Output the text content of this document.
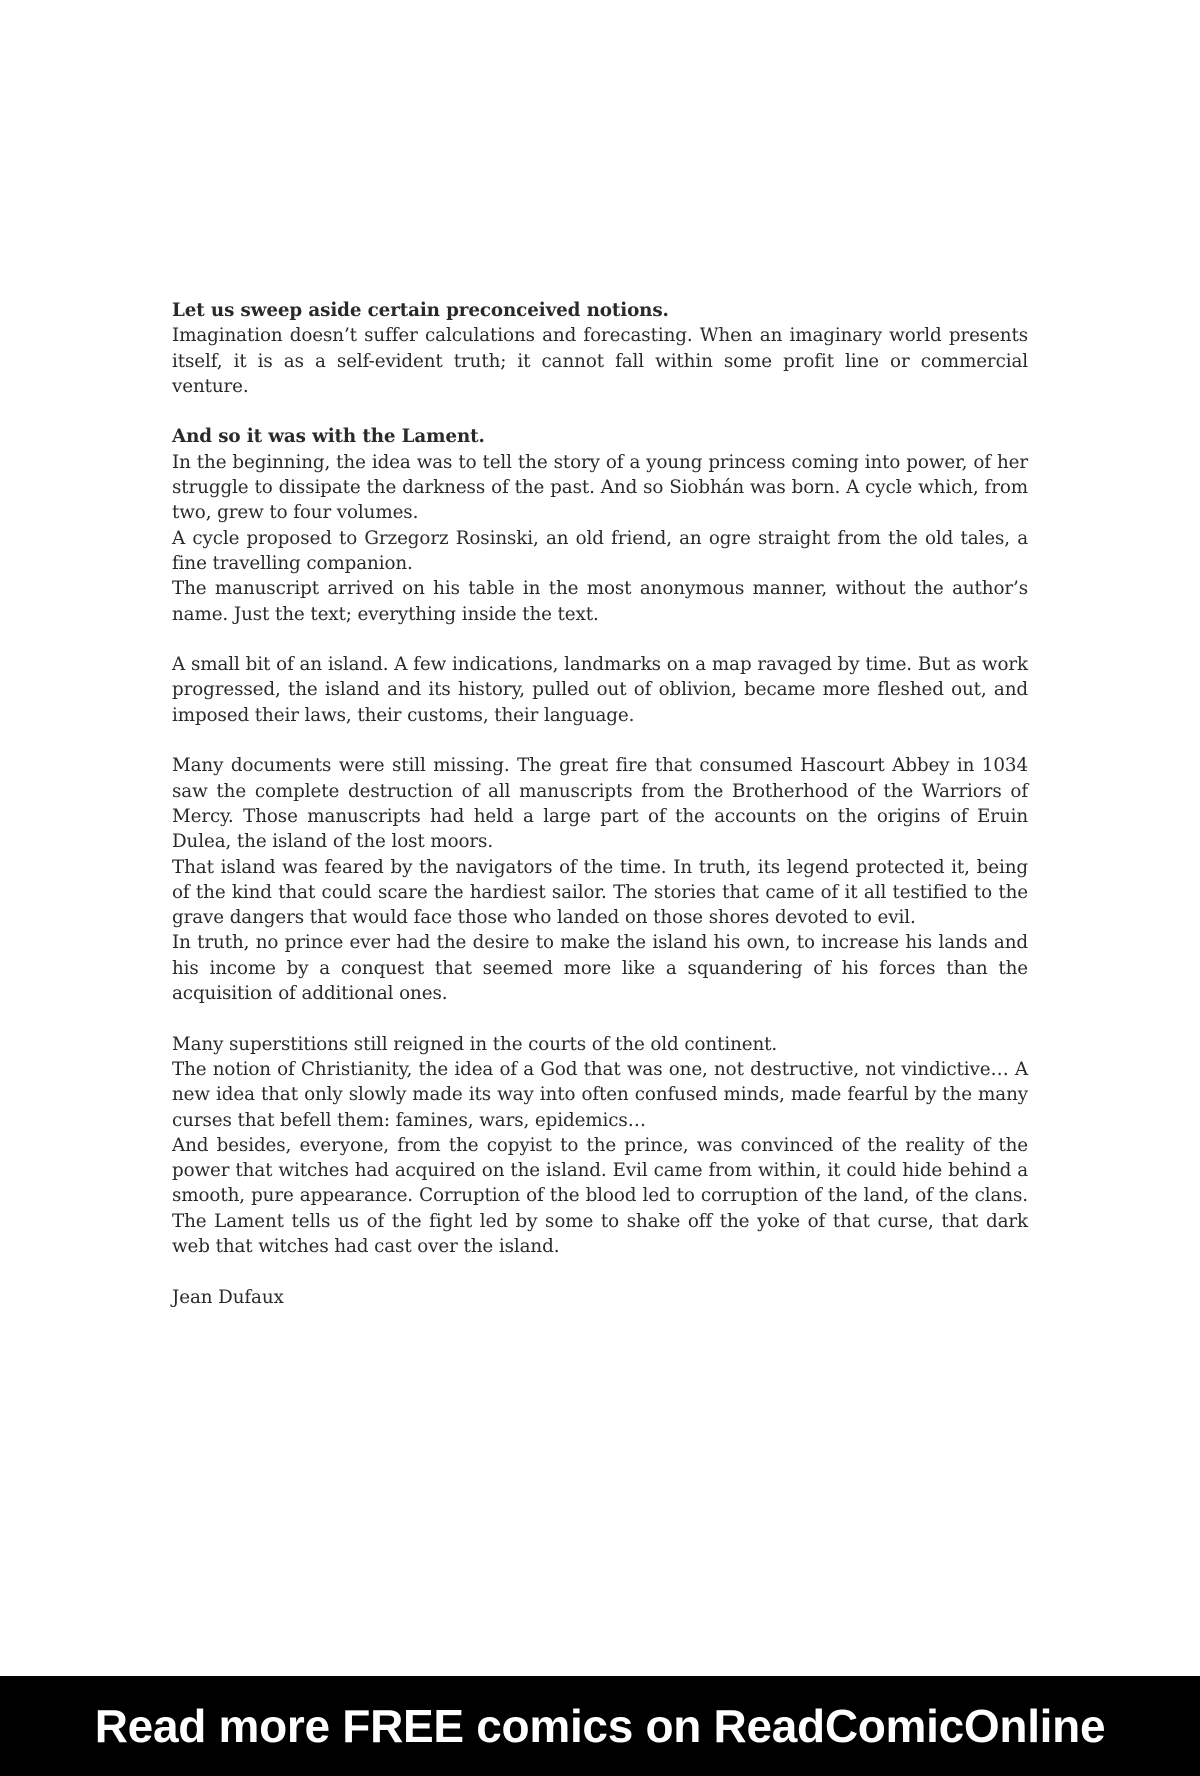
Let us sweep aside certain preconceived notions.

Imagination doesn’t suffer calculations and forecasting. When an imaginary world presents itself, it is as a self-evident truth; it cannot fall within some profit line or commercial venture.

And so it was with the Lament.

In the beginning, the idea was to tell the story of a young princess coming into power, of her struggle to dissipate the darkness of the past. And so Siobhán was born. A cycle which, from two, grew to four volumes.

A cycle proposed to Grzegorz Rosinski, an old friend, an ogre straight from the old tales, a fine travelling companion.

The manuscript arrived on his table in the most anonymous manner, without the author’s name. Just the text; everything inside the text.

A small bit of an island. A few indications, landmarks on a map ravaged by time. But as work progressed, the island and its history, pulled out of oblivion, became more fleshed out, and imposed their laws, their customs, their language.

Many documents were still missing. The great fire that consumed Hascourt Abbey in 1034 saw the complete destruction of all manuscripts from the Brotherhood of the Warriors of Mercy. Those manuscripts had held a large part of the accounts on the origins of Eruin Dulea, the island of the lost moors.

That island was feared by the navigators of the time. In truth, its legend protected it, being of the kind that could scare the hardiest sailor. The stories that came of it all testified to the grave dangers that would face those who landed on those shores devoted to evil.

In truth, no prince ever had the desire to make the island his own, to increase his lands and his income by a conquest that seemed more like a squandering of his forces than the acquisition of additional ones.

Many superstitions still reigned in the courts of the old continent.

The notion of Christianity, the idea of a God that was one, not destructive, not vindictive… A new idea that only slowly made its way into often confused minds, made fearful by the many curses that befell them: famines, wars, epidemics…

And besides, everyone, from the copyist to the prince, was convinced of the reality of the power that witches had acquired on the island. Evil came from within, it could hide behind a smooth, pure appearance. Corruption of the blood led to corruption of the land, of the clans. The Lament tells us of the fight led by some to shake off the yoke of that curse, that dark web that witches had cast over the island.

Jean Dufaux

Read more FREE comics on ReadComicOnline
